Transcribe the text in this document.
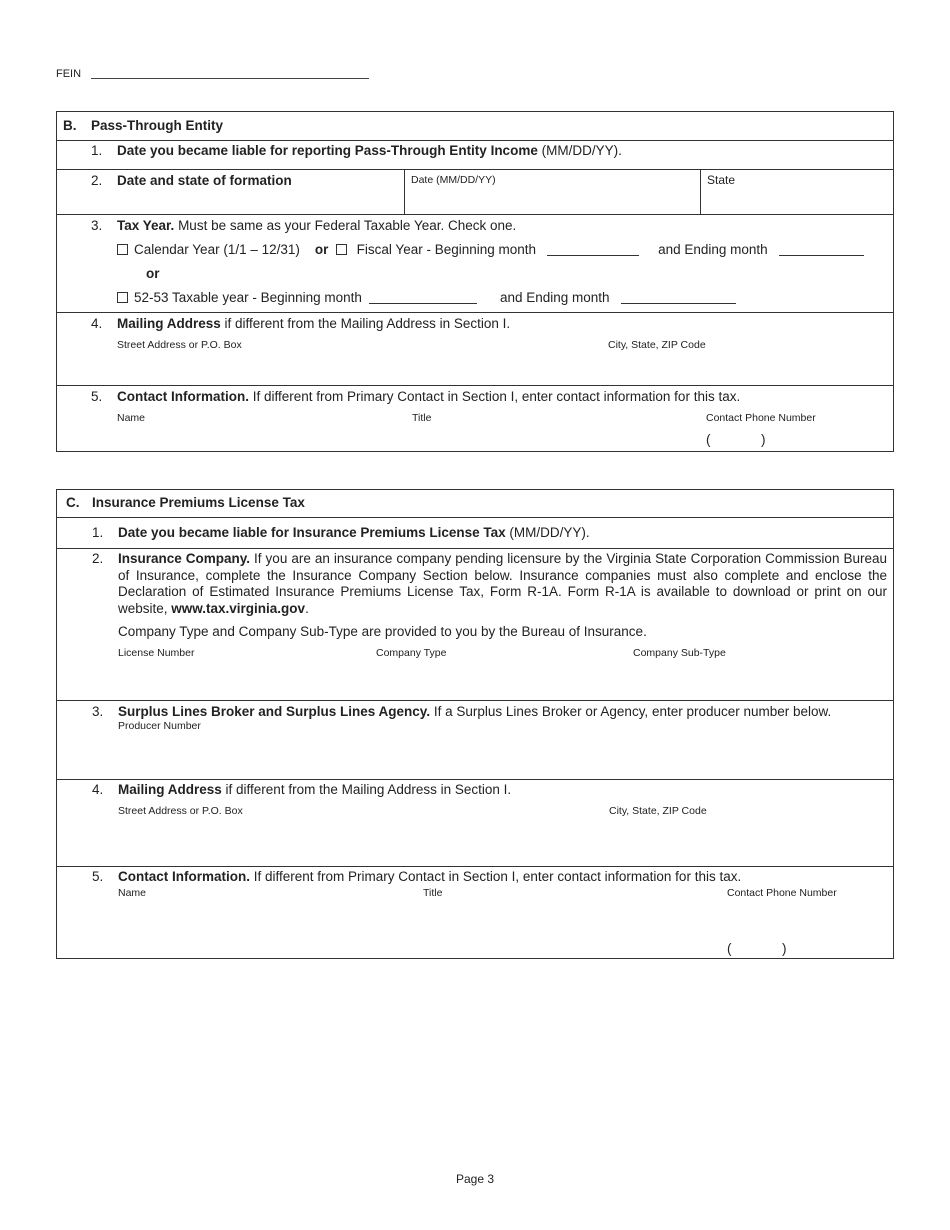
FEIN
B. Pass-Through Entity
1. Date you became liable for reporting Pass-Through Entity Income (MM/DD/YY).
2. Date and state of formation	Date (MM/DD/YY)	State
3. Tax Year. Must be same as your Federal Taxable Year. Check one.
Calendar Year (1/1 – 12/31) or Fiscal Year - Beginning month	and Ending month
or
52-53 Taxable year - Beginning month	and Ending month
4. Mailing Address if different from the Mailing Address in Section I.
Street Address or P.O. Box	City, State, ZIP Code
5. Contact Information. If different from Primary Contact in Section I, enter contact information for this tax.
Name	Title	Contact Phone Number
(	)
C. Insurance Premiums License Tax
1. Date you became liable for Insurance Premiums License Tax (MM/DD/YY).
2. Insurance Company. If you are an insurance company pending licensure by the Virginia State Corporation Commission Bureau of Insurance, complete the Insurance Company Section below. Insurance companies must also complete and enclose the Declaration of Estimated Insurance Premiums License Tax, Form R-1A. Form R-1A is available to download or print on our website, www.tax.virginia.gov.
Company Type and Company Sub-Type are provided to you by the Bureau of Insurance.
License Number	Company Type	Company Sub-Type
3. Surplus Lines Broker and Surplus Lines Agency. If a Surplus Lines Broker or Agency, enter producer number below.
Producer Number
4. Mailing Address if different from the Mailing Address in Section I.
Street Address or P.O. Box	City, State, ZIP Code
5. Contact Information. If different from Primary Contact in Section I, enter contact information for this tax.
Name	Title	Contact Phone Number
(	)
Page 3
